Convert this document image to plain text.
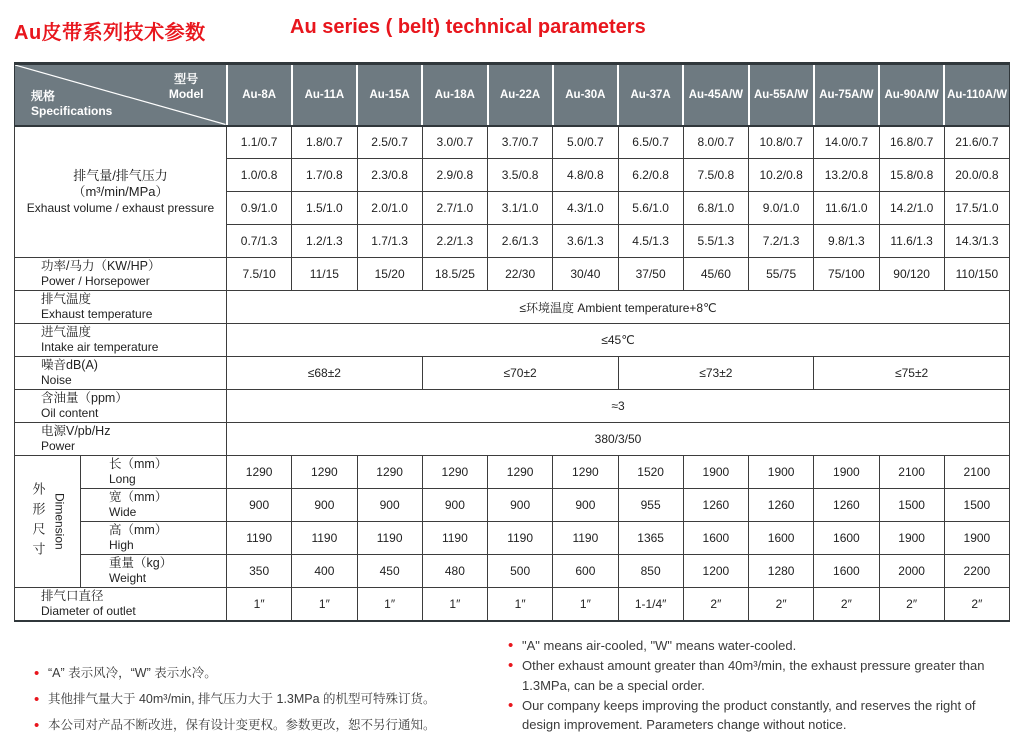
Au皮带系列技术参数	Au series ( belt) technical parameters
型号
Model
规格
Specifications		Au-8A	Au-11A	Au-15A	Au-18A	Au-22A	Au-30A	Au-37A	Au-45A/W	Au-55A/W	Au-75A/W	Au-90A/W	Au-110A/W

排气量/排气压力
（m³/min/MPa）
Exhaust volume / exhaust pressure		1.1/0.7	1.8/0.7	2.5/0.7	3.0/0.7	3.7/0.7	5.0/0.7	6.5/0.7	8.0/0.7	10.8/0.7	14.0/0.7	16.8/0.7	21.6/0.7
		1.0/0.8	1.7/0.8	2.3/0.8	2.9/0.8	3.5/0.8	4.8/0.8	6.2/0.8	7.5/0.8	10.2/0.8	13.2/0.8	15.8/0.8	20.0/0.8
		0.9/1.0	1.5/1.0	2.0/1.0	2.7/1.0	3.1/1.0	4.3/1.0	5.6/1.0	6.8/1.0	9.0/1.0	11.6/1.0	14.2/1.0	17.5/1.0
		0.7/1.3	1.2/1.3	1.7/1.3	2.2/1.3	2.6/1.3	3.6/1.3	4.5/1.3	5.5/1.3	7.2/1.3	9.8/1.3	11.6/1.3	14.3/1.3

功率/马力（KW/HP）
Power / Horsepower		7.5/10	11/15	15/20	18.5/25	22/30	30/40	37/50	45/60	55/75	75/100	90/120	110/150

排气温度
Exhaust temperature		≤环境温度 Ambient temperature+8℃											

进气温度
Intake air temperature		≤45℃											

噪音dB(A)
Noise		≤68±2			≤70±2			≤73±2			≤75±2		

含油量（ppm）
Oil content		≈3											

电源V/pb/Hz
Power		380/3/50											

外形尺寸 Dimension	长（mm）
Long	1290	1290	1290	1290	1290	1290	1520	1900	1900	1900	2100	2100

	宽（mm）
Wide	900	900	900	900	900	900	955	1260	1260	1260	1500	1500

	高（mm）
High	1190	1190	1190	1190	1190	1190	1365	1600	1600	1600	1900	1900

	重量（kg）
Weight	350	400	450	480	500	600	850	1200	1280	1600	2000	2200

排气口直径
Diameter of outlet		1″	1″	1″	1″	1″	1″	1-1/4″	2″	2″	2″	2″	2″
• “A” 表示风冷，“W” 表示水冷。
• 其他排气量大于 40m³/min, 排气压力大于 1.3MPa 的机型可特殊订货。
• 本公司对产品不断改进，保有设计变更权。参数更改，恕不另行通知。
• "A" means air-cooled, "W" means water-cooled.
• Other exhaust amount greater than 40m³/min, the exhaust pressure greater than 1.3MPa, can be a special order.
• Our company keeps improving the product constantly, and reserves the right of design improvement. Parameters change without notice.
